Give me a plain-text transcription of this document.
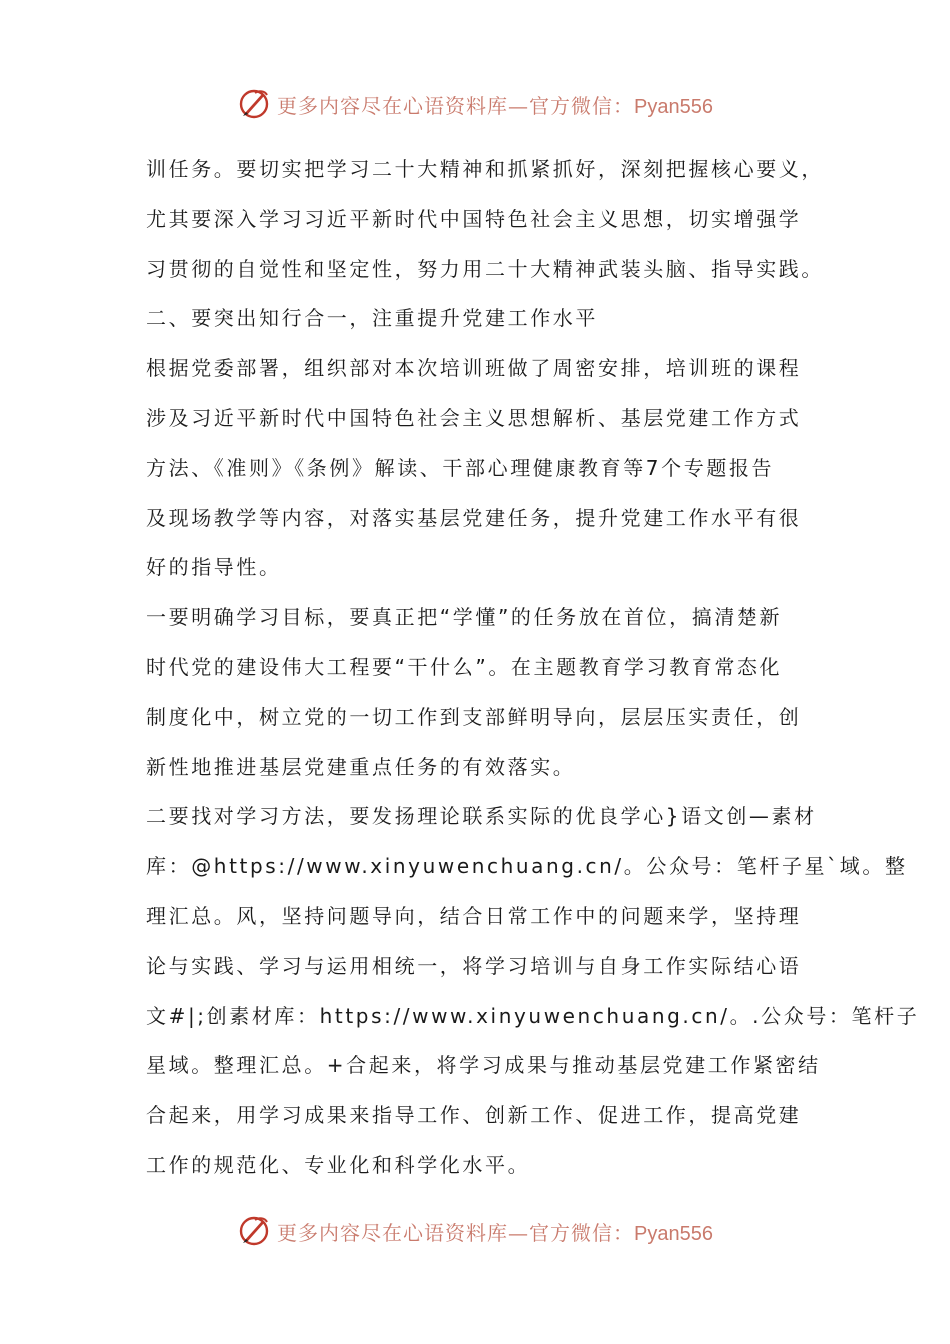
更多内容尽在心语资料库—官方微信：Pyan556
训任务。要切实把学习二十大精神和抓紧抓好，深刻把握核心要义，
尤其要深入学习习近平新时代中国特色社会主义思想，切实增强学
习贯彻的自觉性和坚定性，努力用二十大精神武装头脑、指导实践。
二、要突出知行合一，注重提升党建工作水平
根据党委部署，组织部对本次培训班做了周密安排，培训班的课程
涉及习近平新时代中国特色社会主义思想解析、基层党建工作方式
方法、《准则》《条例》解读、干部心理健康教育等7个专题报告
及现场教学等内容，对落实基层党建任务，提升党建工作水平有很
好的指导性。
一要明确学习目标，要真正把“学懂”的任务放在首位，搞清楚新
时代党的建设伟大工程要“干什么”。在主题教育学习教育常态化
制度化中，树立党的一切工作到支部鲜明导向，层层压实责任，创
新性地推进基层党建重点任务的有效落实。
二要找对学习方法，要发扬理论联系实际的优良学心}语文创—素材
库：@https://www.xinyuwenchuang.cn/。公众号：笔杆子星`域。整
理汇总。风，坚持问题导向，结合日常工作中的问题来学，坚持理
论与实践、学习与运用相统一，将学习培训与自身工作实际结心语
文#|;创素材库：https://www.xinyuwenchuang.cn/。.公众号：笔杆子
星域。整理汇总。+合起来，将学习成果与推动基层党建工作紧密结
合起来，用学习成果来指导工作、创新工作、促进工作，提高党建
工作的规范化、专业化和科学化水平。
更多内容尽在心语资料库—官方微信：Pyan556
